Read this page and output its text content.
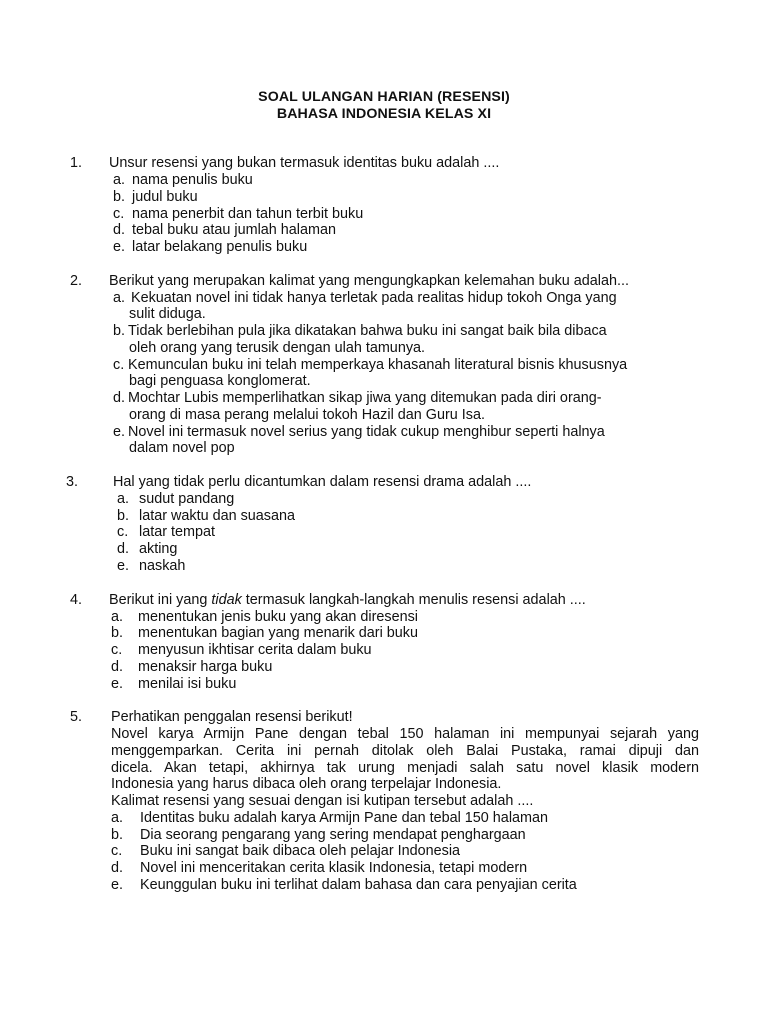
SOAL ULANGAN HARIAN (RESENSI)
BAHASA INDONESIA KELAS XI
1. Unsur resensi yang bukan termasuk identitas buku adalah ....
a. nama penulis buku
b. judul buku
c. nama penerbit dan tahun terbit buku
d. tebal buku atau jumlah halaman
e. latar belakang penulis buku
2. Berikut yang merupakan kalimat yang mengungkapkan kelemahan buku adalah...
a. Kekuatan novel ini tidak hanya terletak pada realitas hidup tokoh Onga yang
sulit diduga.
b. Tidak berlebihan pula jika dikatakan bahwa buku ini sangat baik bila dibaca
oleh orang yang terusik dengan ulah tamunya.
c. Kemunculan buku ini telah memperkaya khasanah literatural bisnis khususnya
bagi penguasa konglomerat.
d. Mochtar Lubis memperlihatkan sikap jiwa yang ditemukan pada diri orang-
orang di masa perang melalui tokoh Hazil dan Guru Isa.
e. Novel ini termasuk novel serius yang tidak cukup menghibur seperti halnya
dalam novel pop
3. Hal yang tidak perlu dicantumkan dalam resensi drama adalah ....
a. sudut pandang
b. latar waktu dan suasana
c. latar tempat
d. akting
e. naskah
4. Berikut ini yang tidak termasuk langkah-langkah menulis resensi adalah ....
a. menentukan jenis buku yang akan diresensi
b. menentukan bagian yang menarik dari buku
c. menyusun ikhtisar cerita dalam buku
d. menaksir harga buku
e. menilai isi buku
5. Perhatikan penggalan resensi berikut!
Novel karya Armijn Pane dengan tebal 150 halaman ini mempunyai sejarah yang
menggemparkan. Cerita ini pernah ditolak oleh Balai Pustaka, ramai dipuji dan
dicela. Akan tetapi, akhirnya tak urung menjadi salah satu novel klasik modern
Indonesia yang harus dibaca oleh orang terpelajar Indonesia.
Kalimat resensi yang sesuai dengan isi kutipan tersebut adalah ....
a. Identitas buku adalah karya Armijn Pane dan tebal 150 halaman
b. Dia seorang pengarang yang sering mendapat penghargaan
c. Buku ini sangat baik dibaca oleh pelajar Indonesia
d. Novel ini menceritakan cerita klasik Indonesia, tetapi modern
e. Keunggulan buku ini terlihat dalam bahasa dan cara penyajian cerita
